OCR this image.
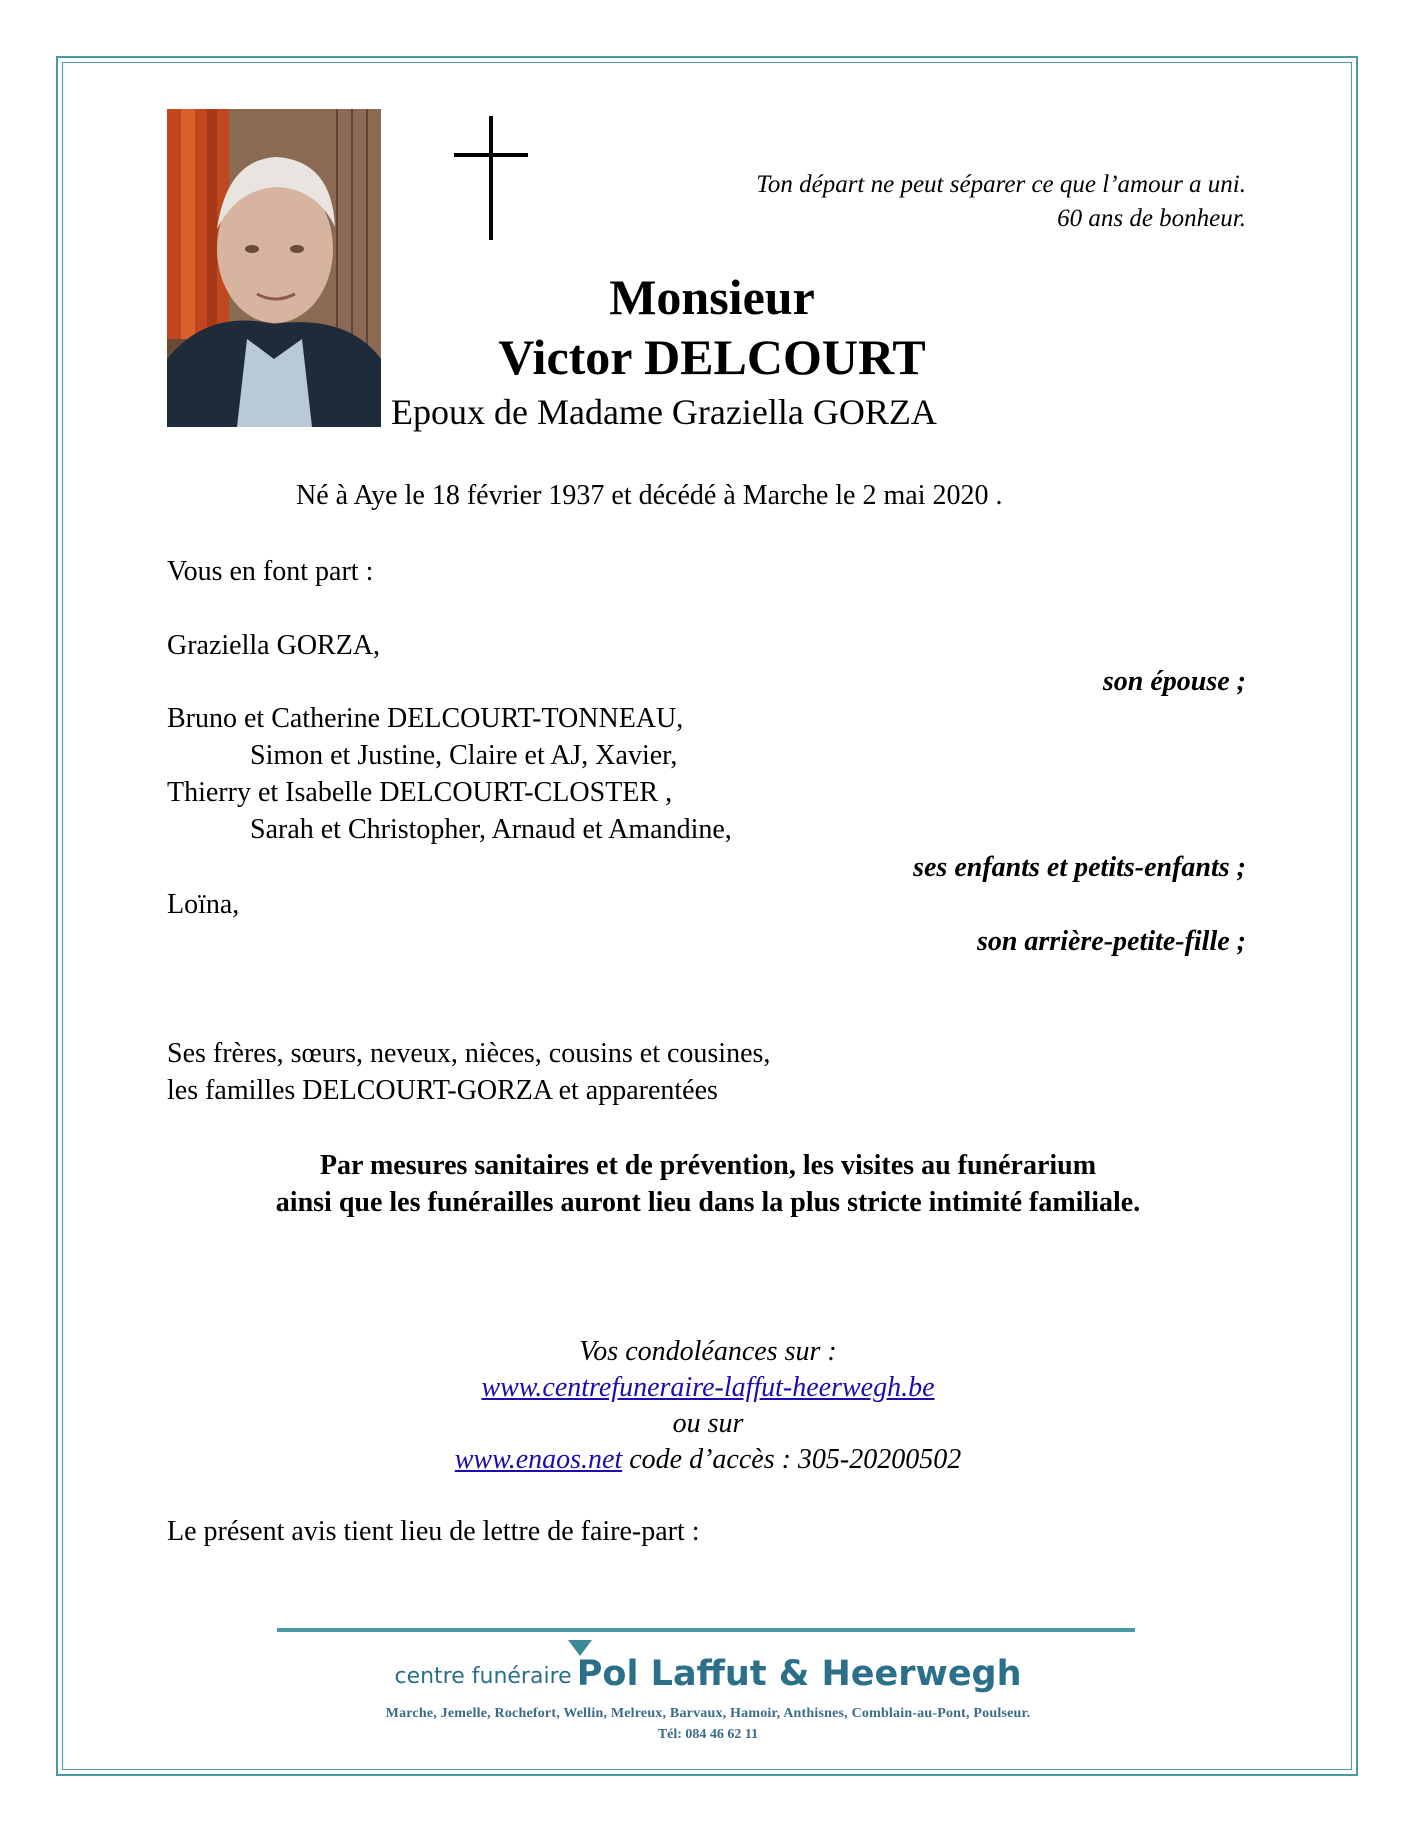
Ton départ ne peut séparer ce que l’amour a uni.
60 ans de bonheur.
Monsieur
Victor DELCOURT
Epoux de Madame Graziella GORZA
Né à Aye le 18 février 1937 et décédé à Marche le 2 mai 2020 .
Vous en font part :
Graziella GORZA,
son épouse ;
Bruno et Catherine DELCOURT-TONNEAU,
Simon et Justine, Claire et AJ, Xavier,
Thierry et Isabelle DELCOURT-CLOSTER ,
Sarah et Christopher, Arnaud et Amandine,
ses enfants et petits-enfants ;
Loïna,
son arrière-petite-fille ;
Ses frères, sœurs, neveux, nièces, cousins et cousines,
les familles DELCOURT-GORZA et apparentées
Par mesures sanitaires et de prévention, les visites au funérarium
ainsi que les funérailles auront lieu dans la plus stricte intimité familiale.
Vos condoléances sur :
www.centrefuneraire-laffut-heerwegh.be
ou sur
www.enaos.net code d’accès : 305-20200502
Le présent avis tient lieu de lettre de faire-part :
centre funéraire Pol Laffut & Heerwegh
Marche, Jemelle, Rochefort, Wellin, Melreux, Barvaux, Hamoir, Anthisnes, Comblain-au-Pont, Poulseur.
Tél: 084 46 62 11
